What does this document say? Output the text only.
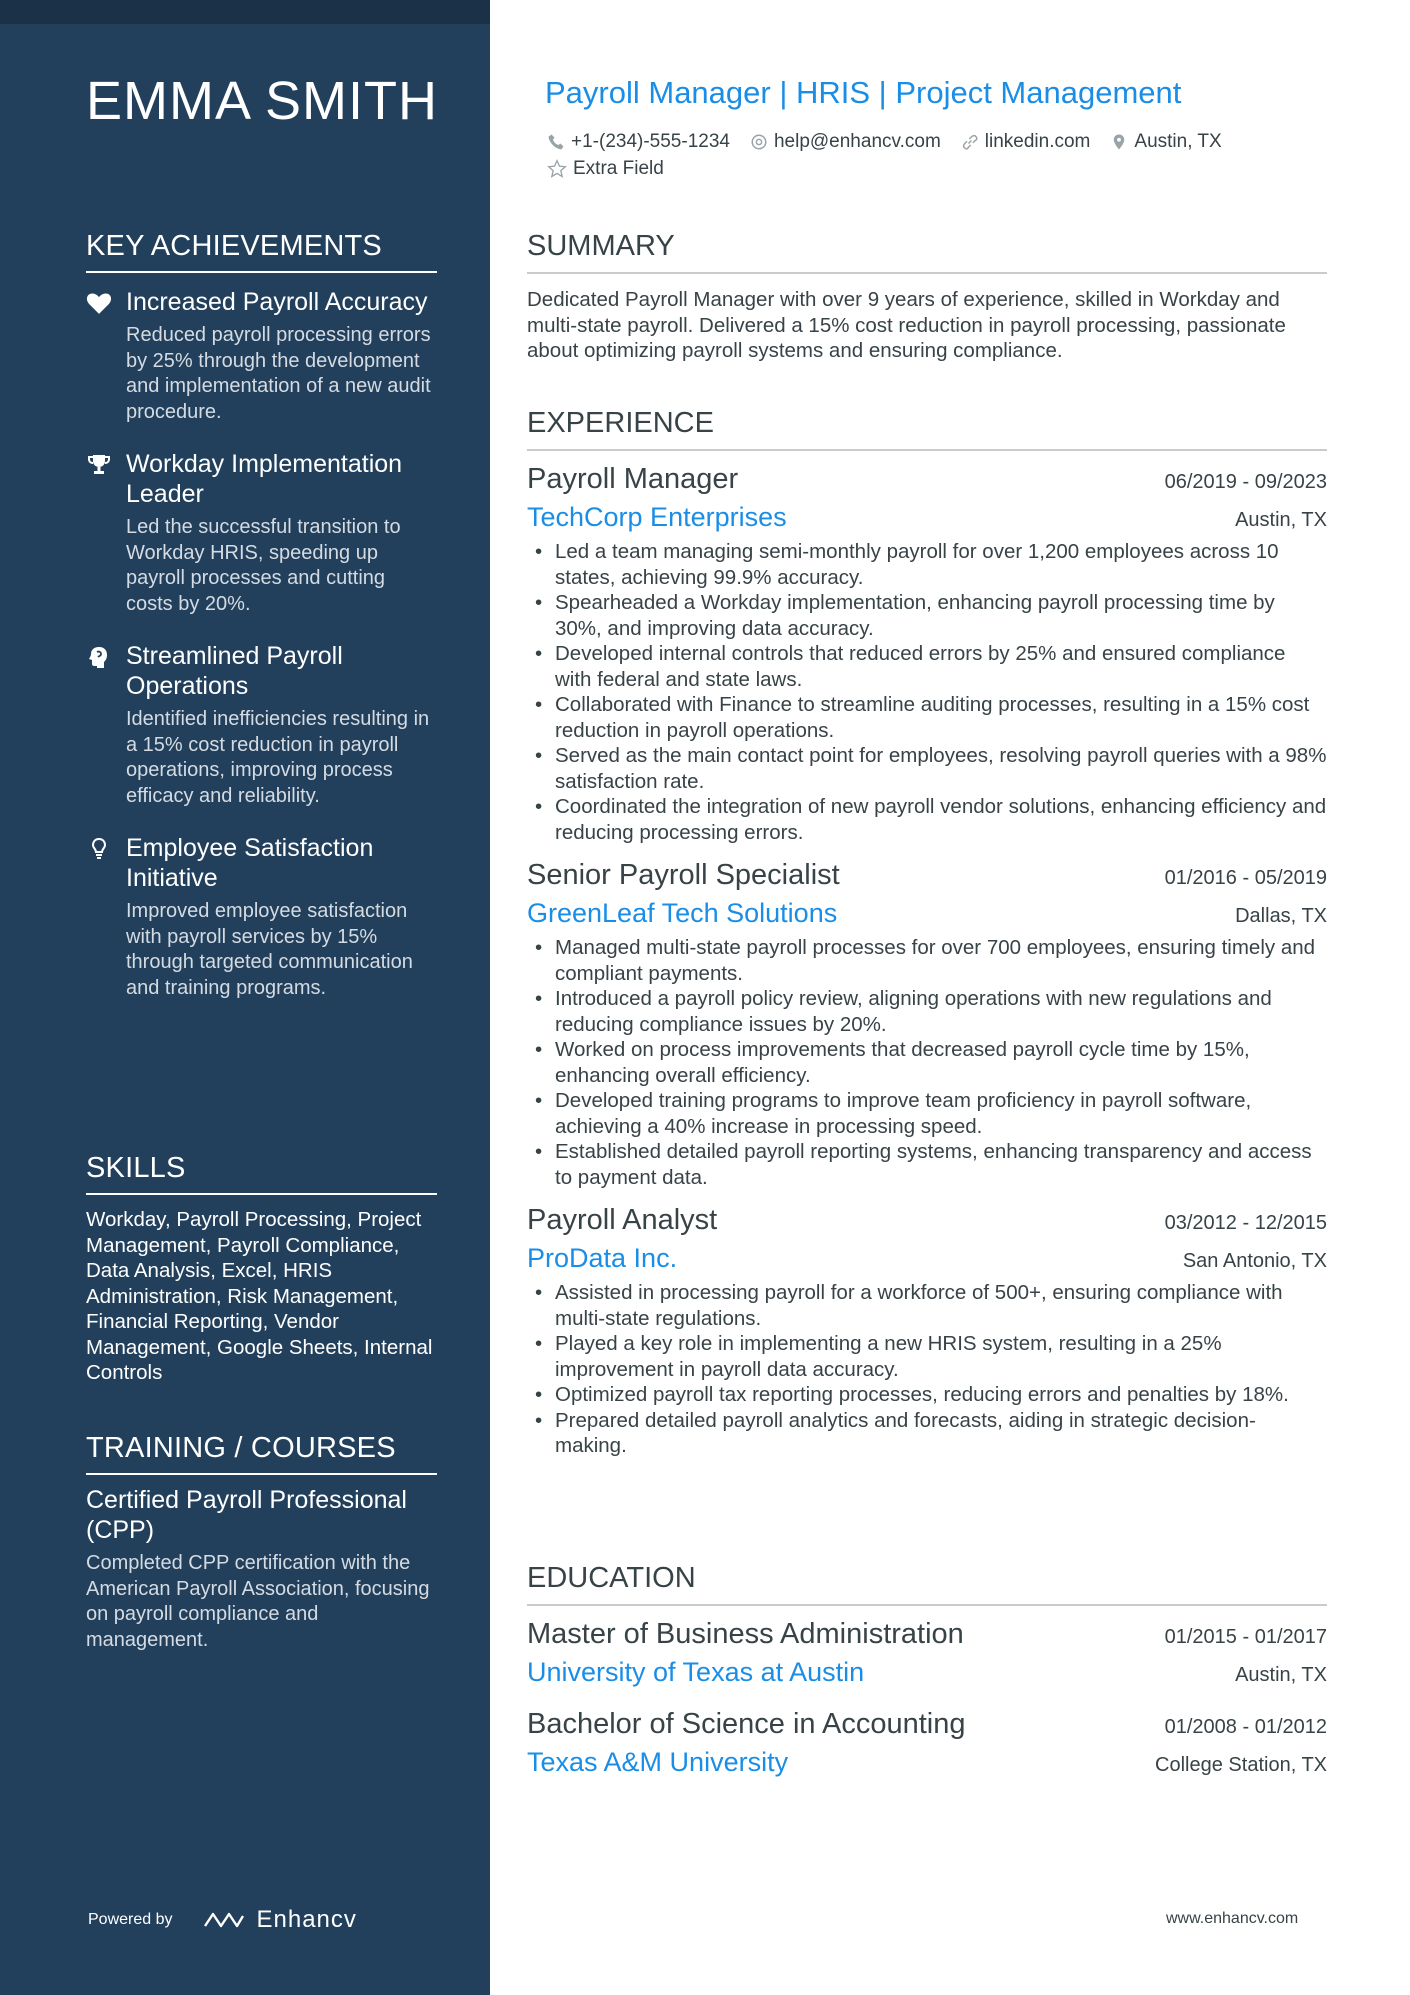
EMMA SMITH
KEY ACHIEVEMENTS
Increased Payroll Accuracy
Reduced payroll processing errors by 25% through the development and implementation of a new audit procedure.
Workday Implementation Leader
Led the successful transition to Workday HRIS, speeding up payroll processes and cutting costs by 20%.
Streamlined Payroll Operations
Identified inefficiencies resulting in a 15% cost reduction in payroll operations, improving process efficacy and reliability.
Employee Satisfaction Initiative
Improved employee satisfaction with payroll services by 15% through targeted communication and training programs.
SKILLS
Workday, Payroll Processing, Project Management, Payroll Compliance, Data Analysis, Excel, HRIS Administration, Risk Management, Financial Reporting, Vendor Management, Google Sheets, Internal Controls
TRAINING / COURSES
Certified Payroll Professional (CPP)
Completed CPP certification with the American Payroll Association, focusing on payroll compliance and management.
Powered by	Enhancv
Payroll Manager | HRIS | Project Management
+1-(234)-555-1234 help@enhancv.com linkedin.com Austin, TX
Extra Field
SUMMARY
Dedicated Payroll Manager with over 9 years of experience, skilled in Workday and multi-state payroll. Delivered a 15% cost reduction in payroll processing, passionate about optimizing payroll systems and ensuring compliance.
EXPERIENCE
Payroll Manager	06/2019 - 09/2023
TechCorp Enterprises	Austin, TX
• Led a team managing semi-monthly payroll for over 1,200 employees across 10 states, achieving 99.9% accuracy.
• Spearheaded a Workday implementation, enhancing payroll processing time by 30%, and improving data accuracy.
• Developed internal controls that reduced errors by 25% and ensured compliance with federal and state laws.
• Collaborated with Finance to streamline auditing processes, resulting in a 15% cost reduction in payroll operations.
• Served as the main contact point for employees, resolving payroll queries with a 98% satisfaction rate.
• Coordinated the integration of new payroll vendor solutions, enhancing efficiency and reducing processing errors.
Senior Payroll Specialist	01/2016 - 05/2019
GreenLeaf Tech Solutions	Dallas, TX
• Managed multi-state payroll processes for over 700 employees, ensuring timely and compliant payments.
• Introduced a payroll policy review, aligning operations with new regulations and reducing compliance issues by 20%.
• Worked on process improvements that decreased payroll cycle time by 15%, enhancing overall efficiency.
• Developed training programs to improve team proficiency in payroll software, achieving a 40% increase in processing speed.
• Established detailed payroll reporting systems, enhancing transparency and access to payment data.
Payroll Analyst	03/2012 - 12/2015
ProData Inc.	San Antonio, TX
• Assisted in processing payroll for a workforce of 500+, ensuring compliance with multi-state regulations.
• Played a key role in implementing a new HRIS system, resulting in a 25% improvement in payroll data accuracy.
• Optimized payroll tax reporting processes, reducing errors and penalties by 18%.
• Prepared detailed payroll analytics and forecasts, aiding in strategic decision-making.
EDUCATION
Master of Business Administration	01/2015 - 01/2017
University of Texas at Austin	Austin, TX
Bachelor of Science in Accounting	01/2008 - 01/2012
Texas A&M University	College Station, TX
www.enhancv.com
